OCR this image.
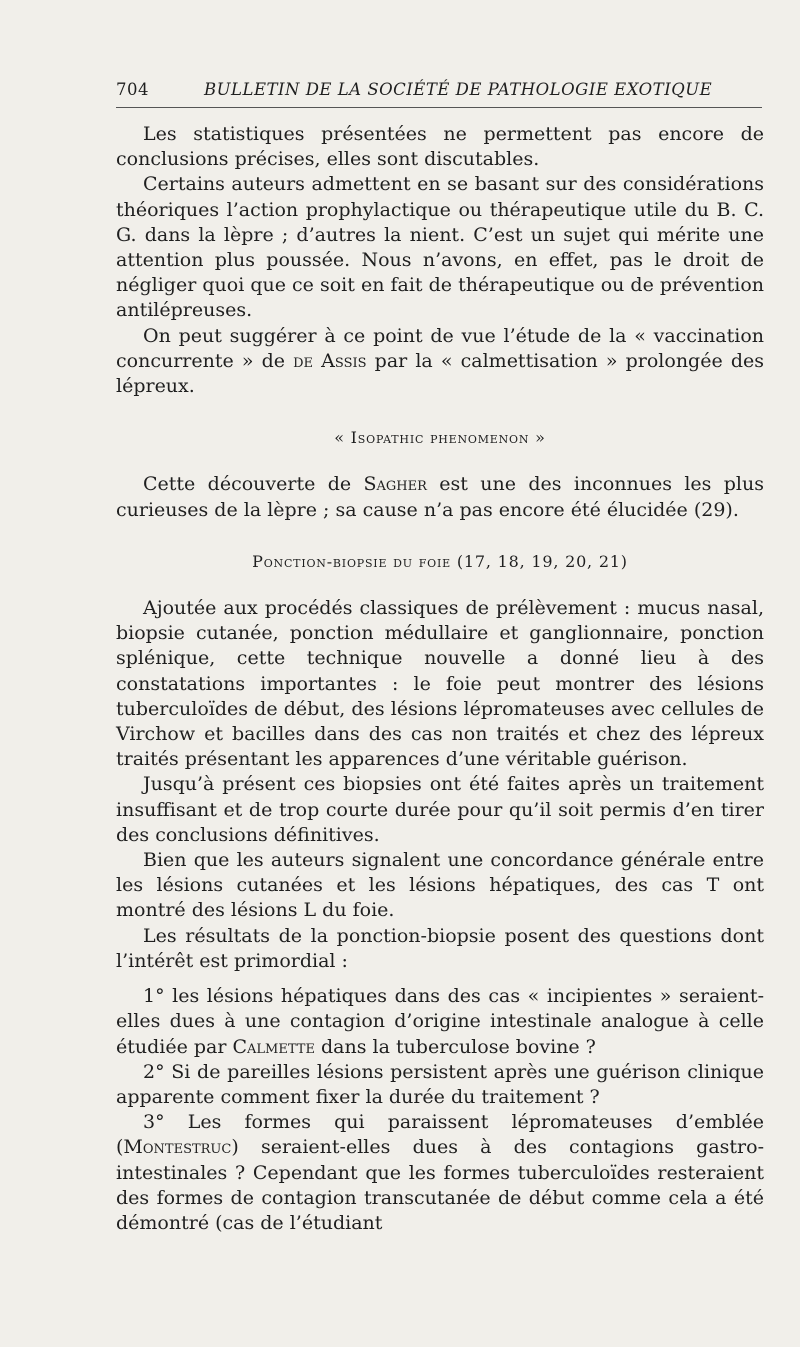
704	BULLETIN DE LA SOCIÉTÉ DE PATHOLOGIE EXOTIQUE

Les statistiques présentées ne permettent pas encore de conclusions précises, elles sont discutables.

Certains auteurs admettent en se basant sur des considérations théoriques l’action prophylactique ou thérapeutique utile du B. C. G. dans la lèpre ; d’autres la nient. C’est un sujet qui mérite une attention plus poussée. Nous n’avons, en effet, pas le droit de négliger quoi que ce soit en fait de thérapeutique ou de prévention antilépreuses.

On peut suggérer à ce point de vue l’étude de la « vaccination concurrente » de de Assis par la « calmettisation » prolongée des lépreux.

« Isopathic phenomenon »

Cette découverte de Sagher est une des inconnues les plus curieuses de la lèpre ; sa cause n’a pas encore été élucidée (29).

Ponction-biopsie du foie (17, 18, 19, 20, 21)

Ajoutée aux procédés classiques de prélèvement : mucus nasal, biopsie cutanée, ponction médullaire et ganglionnaire, ponction splénique, cette technique nouvelle a donné lieu à des constatations importantes : le foie peut montrer des lésions tuberculoïdes de début, des lésions lépromateuses avec cellules de Virchow et bacilles dans des cas non traités et chez des lépreux traités présentant les apparences d’une véritable guérison.

Jusqu’à présent ces biopsies ont été faites après un traitement insuffisant et de trop courte durée pour qu’il soit permis d’en tirer des conclusions définitives.

Bien que les auteurs signalent une concordance générale entre les lésions cutanées et les lésions hépatiques, des cas T ont montré des lésions L du foie.

Les résultats de la ponction-biopsie posent des questions dont l’intérêt est primordial :

1° les lésions hépatiques dans des cas « incipientes » seraient-elles dues à une contagion d’origine intestinale analogue à celle étudiée par Calmette dans la tuberculose bovine ?

2° Si de pareilles lésions persistent après une guérison clinique apparente comment fixer la durée du traitement ?

3° Les formes qui paraissent lépromateuses d’emblée (Montestruc) seraient-elles dues à des contagions gastro-intestinales ? Cependant que les formes tuberculoïdes resteraient des formes de contagion transcutanée de début comme cela a été démontré (cas de l’étudiant
